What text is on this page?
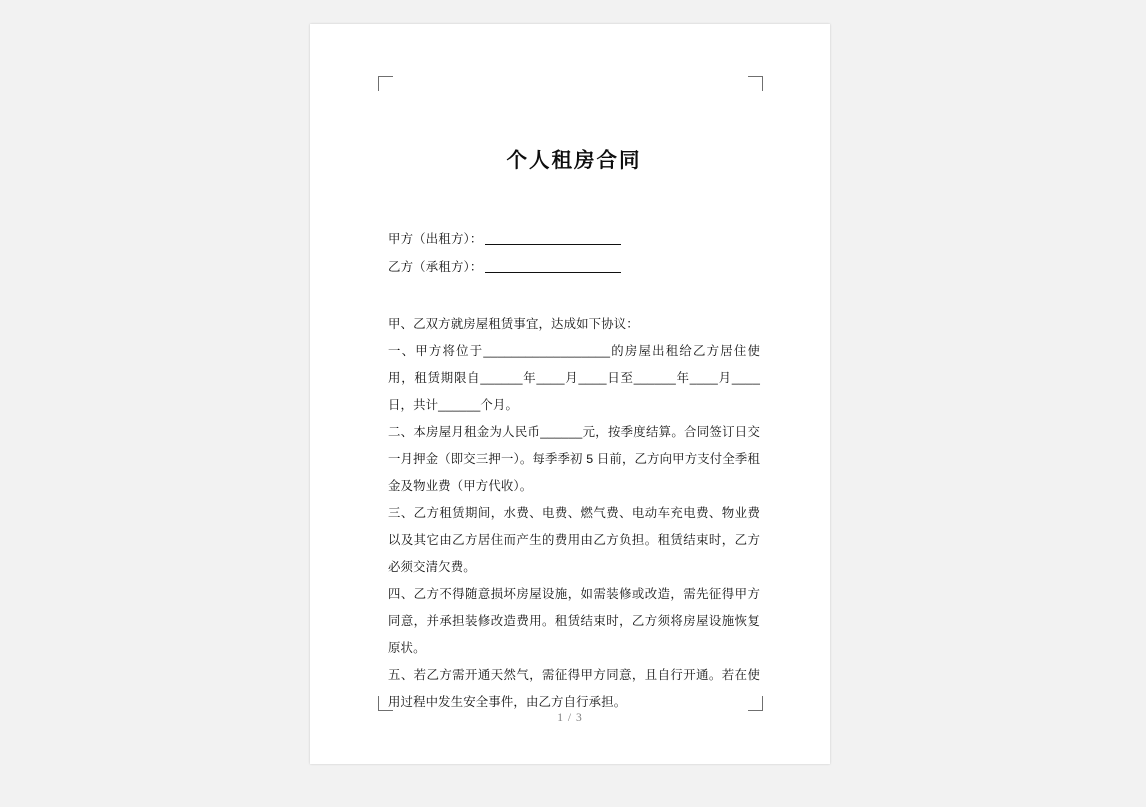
个人租房合同
甲方（出租方）：
乙方（承租方）：

甲、乙双方就房屋租赁事宜，达成如下协议：

一、甲方将位于__________________的房屋出租给乙方居住使用，租赁期限自______年____月____日至______年____月____日，共计______个月。

二、本房屋月租金为人民币______元，按季度结算。合同签订日交一月押金（即交三押一）。每季季初 5 日前，乙方向甲方支付全季租金及物业费（甲方代收）。

三、乙方租赁期间，水费、电费、燃气费、电动车充电费、物业费以及其它由乙方居住而产生的费用由乙方负担。租赁结束时，乙方必须交清欠费。

四、乙方不得随意损坏房屋设施，如需装修或改造，需先征得甲方同意，并承担装修改造费用。租赁结束时，乙方须将房屋设施恢复原状。

五、若乙方需开通天然气，需征得甲方同意，且自行开通。若在使用过程中发生安全事件，由乙方自行承担。

1 / 3
